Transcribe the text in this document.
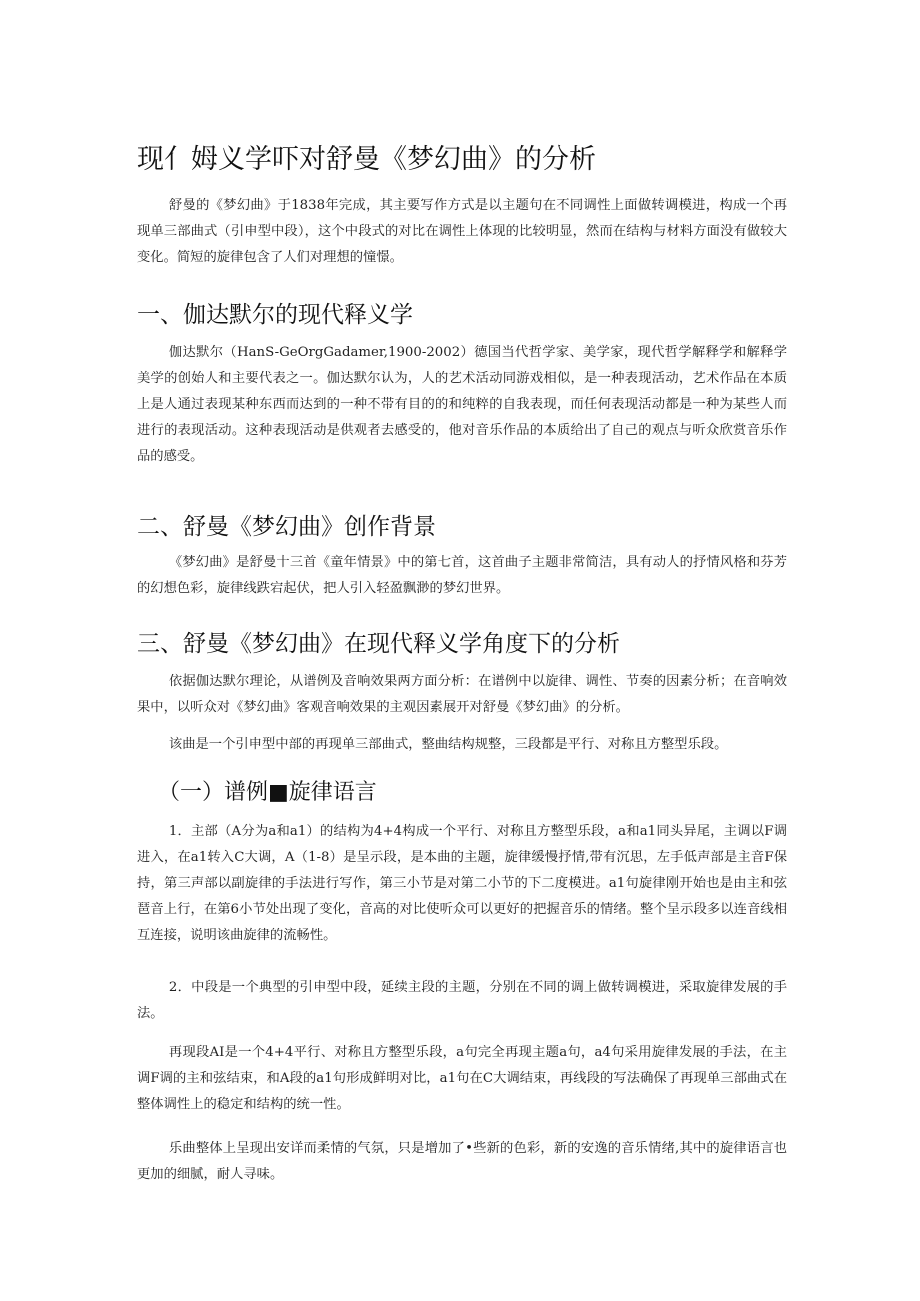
现亻姆义学吓对舒曼《梦幻曲》的分析

舒曼的《梦幻曲》于1838年完成，其主要写作方式是以主题句在不同调性上面做转调模进，构成一个再现单三部曲式（引申型中段），这个中段式的对比在调性上体现的比较明显，然而在结构与材料方面没有做较大变化。简短的旋律包含了人们对理想的憧憬。

一、伽达默尔的现代释义学

伽达默尔（HanS-GeOrgGadamer,1900-2002）德国当代哲学家、美学家，现代哲学解释学和解释学美学的创始人和主要代表之一。伽达默尔认为，人的艺术活动同游戏相似，是一种表现活动，艺术作品在本质上是人通过表现某种东西而达到的一种不带有目的的和纯粹的自我表现，而任何表现活动都是一种为某些人而进行的表现活动。这种表现活动是供观者去感受的，他对音乐作品的本质给出了自己的观点与听众欣赏音乐作品的感受。

二、舒曼《梦幻曲》创作背景

《梦幻曲》是舒曼十三首《童年情景》中的第七首，这首曲子主题非常简洁，具有动人的抒情风格和芬芳的幻想色彩，旋律线跌宕起伏，把人引入轻盈飘渺的梦幻世界。

三、舒曼《梦幻曲》在现代释义学角度下的分析

依据伽达默尔理论，从谱例及音响效果两方面分析：在谱例中以旋律、调性、节奏的因素分析；在音响效果中，以听众对《梦幻曲》客观音响效果的主观因素展开对舒曼《梦幻曲》的分析。

该曲是一个引申型中部的再现单三部曲式，整曲结构规整，三段都是平行、对称且方整型乐段。

（一）谱例■旋律语言

1．主部（A分为a和a1）的结构为4+4构成一个平行、对称且方整型乐段，a和a1同头异尾，主调以F调进入，在a1转入C大调，A（1-8）是呈示段，是本曲的主题，旋律缓慢抒情,带有沉思，左手低声部是主音F保持，第三声部以副旋律的手法进行写作，第三小节是对第二小节的下二度模进。a1句旋律刚开始也是由主和弦琶音上行，在第6小节处出现了变化，音高的对比使听众可以更好的把握音乐的情绪。整个呈示段多以连音线相互连接，说明该曲旋律的流畅性。

2．中段是一个典型的引申型中段，延续主段的主题，分别在不同的调上做转调模进，采取旋律发展的手法。

再现段AI是一个4+4平行、对称且方整型乐段，a句完全再现主题a句，a4句采用旋律发展的手法，在主调F调的主和弦结束，和A段的a1句形成鲜明对比，a1句在C大调结束，再线段的写法确保了再现单三部曲式在整体调性上的稳定和结构的统一性。

乐曲整体上呈现出安详而柔情的气氛，只是增加了•些新的色彩，新的安逸的音乐情绪,其中的旋律语言也更加的细腻，耐人寻味。
